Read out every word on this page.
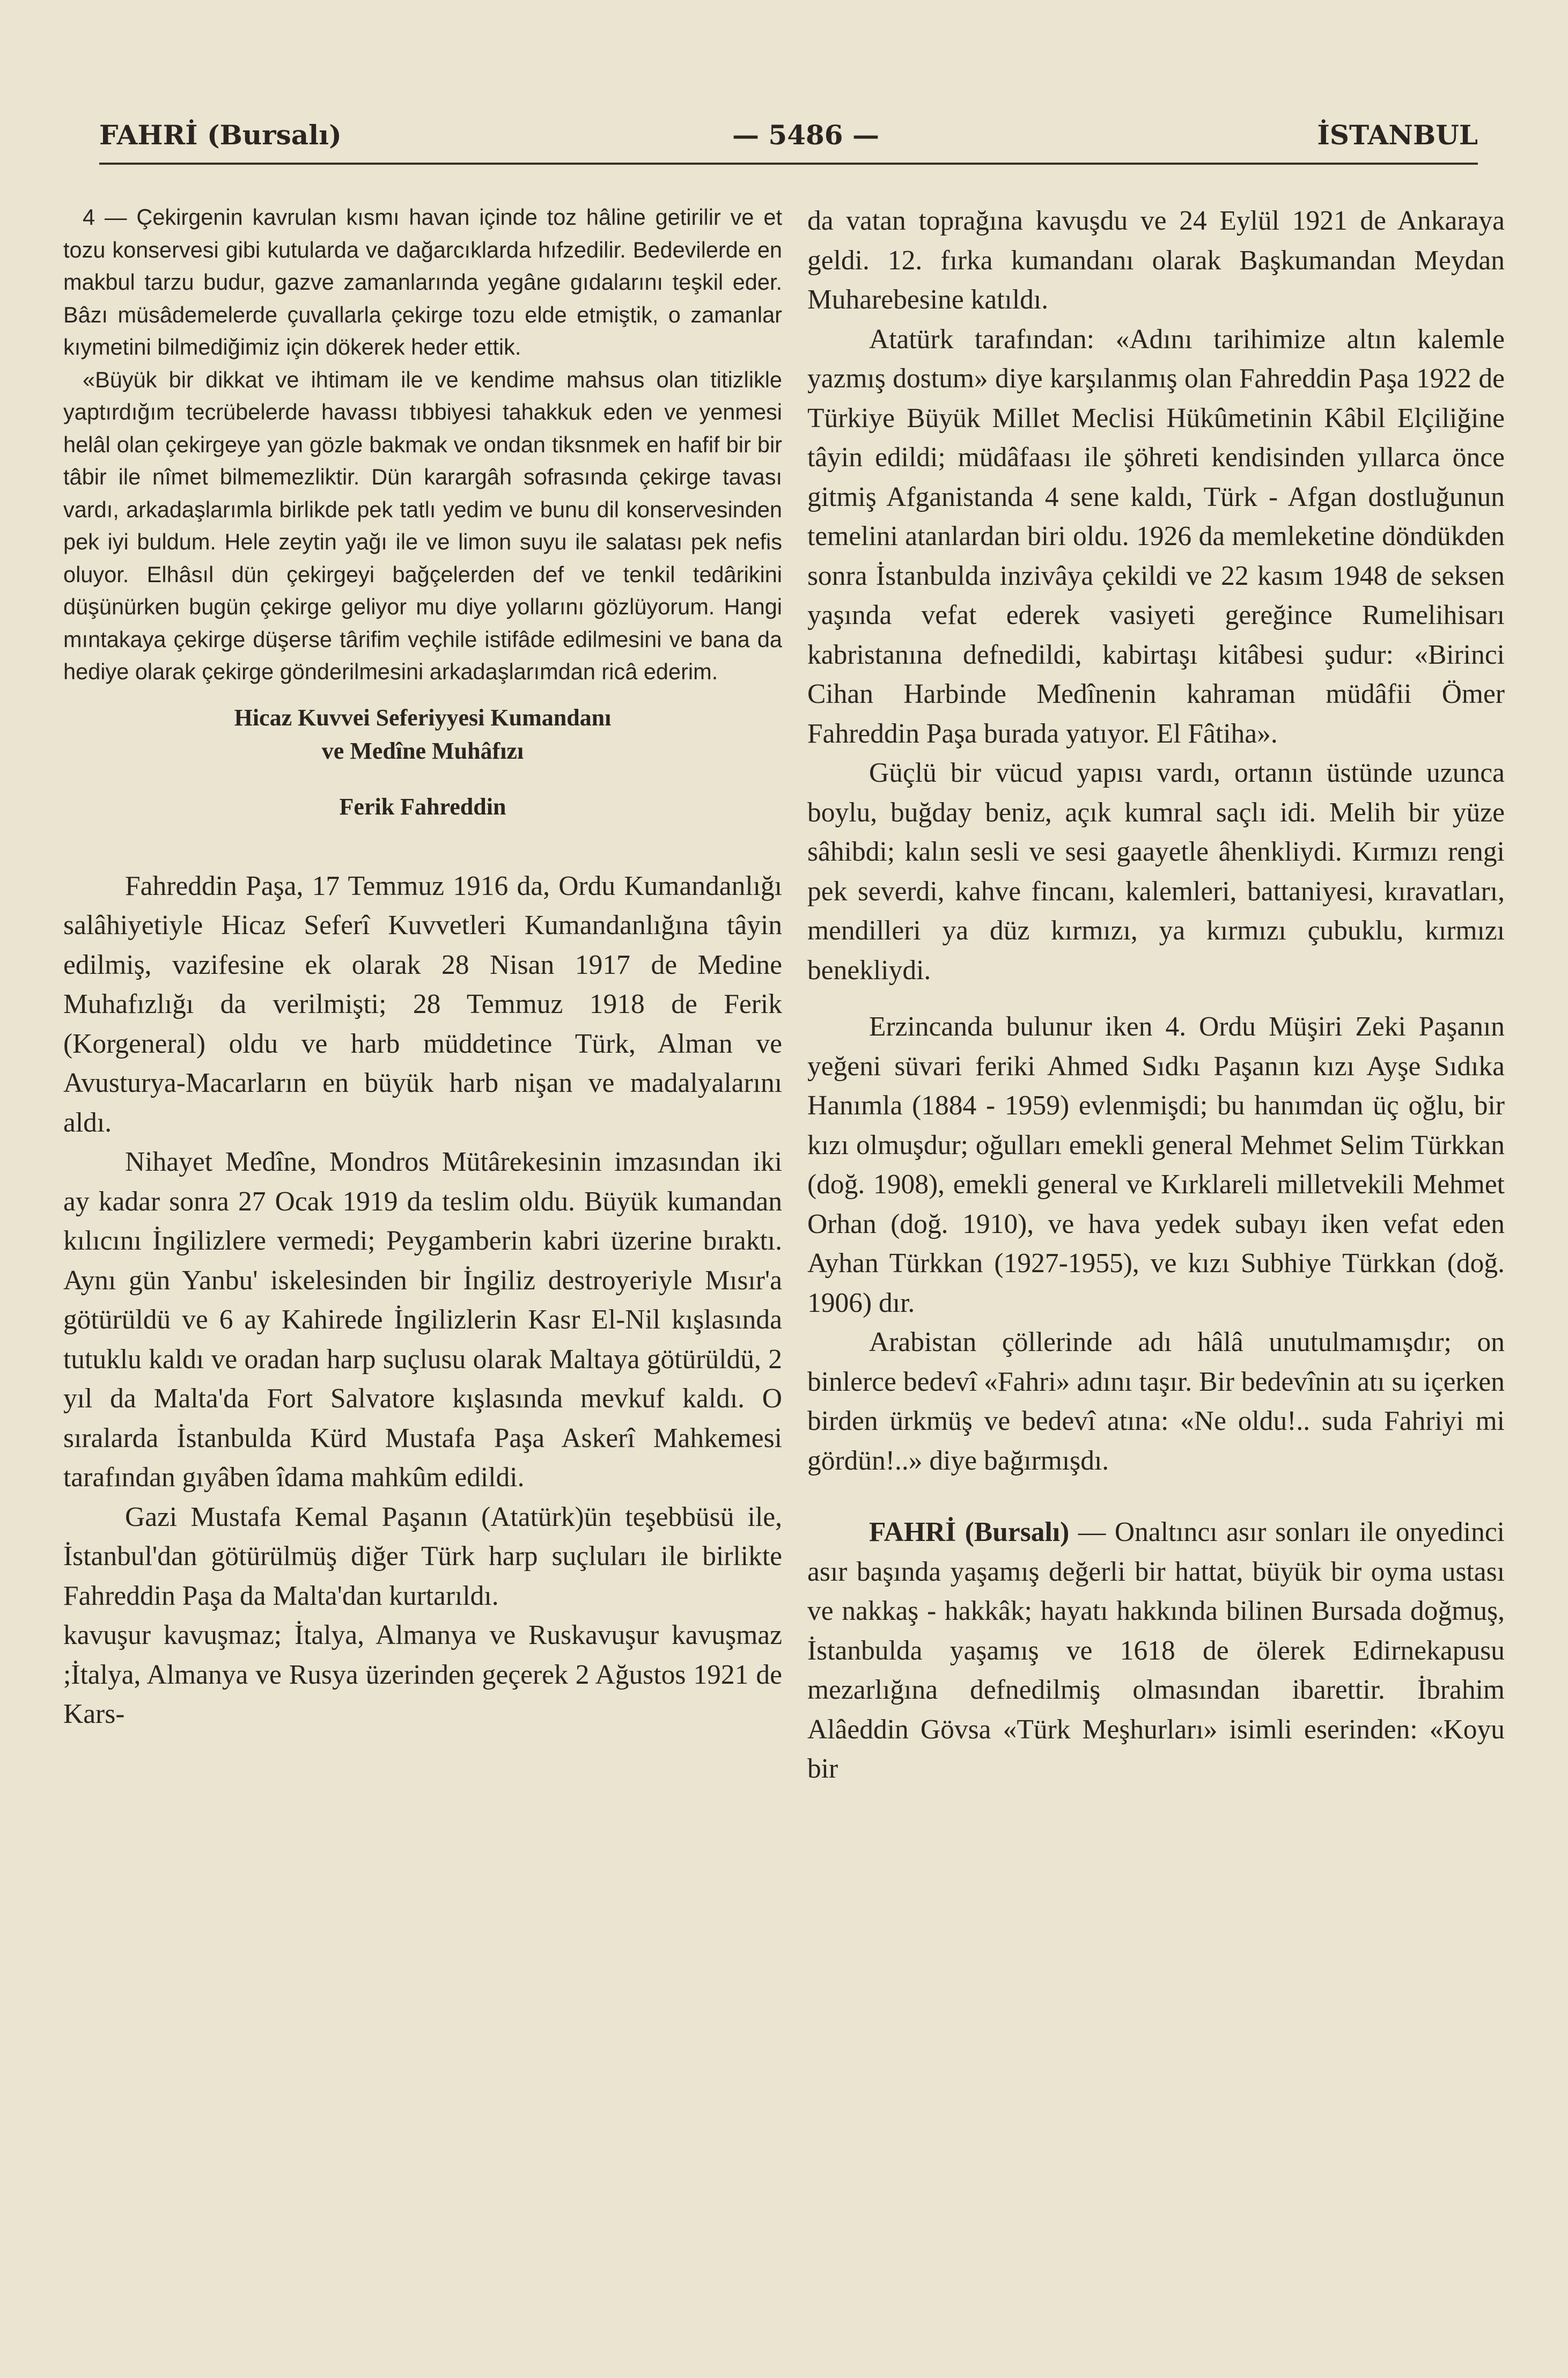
FAHRİ (Bursalı)	— 5486 —	İSTANBUL

4 — Çekirgenin kavrulan kısmı havan içinde toz hâline getirilir ve et tozu konservesi gibi kutularda ve dağarcıklarda hıfzedilir. Bedevilerde en makbul tarzu budur, gazve zamanlarında yegâne gıdalarını teşkil eder. Bâzı müsâdemelerde çuvallarla çekirge tozu elde etmiştik, o zamanlar kıymetini bilmediğimiz için dökerek heder ettik.

«Büyük bir dikkat ve ihtimam ile ve kendime mahsus olan titizlikle yaptırdığım tecrübelerde havassı tıbbiyesi tahakkuk eden ve yenmesi helâl olan çekirgeye yan gözle bakmak ve ondan tiksnmek en hafif bir bir tâbir ile nîmet bilmemezliktir. Dün karargâh sofrasında çekirge tavası vardı, arkadaşlarımla birlikde pek tatlı yedim ve bunu dil konservesinden pek iyi buldum. Hele zeytin yağı ile ve limon suyu ile salatası pek nefis oluyor. Elhâsıl dün çekirgeyi bağçelerden def ve tenkil tedârikini düşünürken bugün çekirge geliyor mu diye yollarını gözlüyorum. Hangi mıntakaya çekirge düşerse târifim veçhile istifâde edilmesini ve bana da hediye olarak çekirge gönderilmesini arkadaşlarımdan ricâ ederim.

Hicaz Kuvvei Seferiyyesi Kumandanı

ve Medîne Muhâfızı

Ferik Fahreddin

Fahreddin Paşa, 17 Temmuz 1916 da, Ordu Kumandanlığı salâhiyetiyle Hicaz Seferî Kuvvetleri Kumandanlığına tâyin edilmiş, vazifesine ek olarak 28 Nisan 1917 de Medine Muhafızlığı da verilmişti; 28 Temmuz 1918 de Ferik (Korgeneral) oldu ve harb müddetince Türk, Alman ve Avusturya-Macarların en büyük harb nişan ve madalyalarını aldı.

Nihayet Medîne, Mondros Mütârekesinin imzasından iki ay kadar sonra 27 Ocak 1919 da teslim oldu. Büyük kumandan kılıcını İngilizlere vermedi; Peygamberin kabri üzerine bıraktı. Aynı gün Yanbu' iskelesinden bir İngiliz destroyeriyle Mısır'a götürüldü ve 6 ay Kahirede İngilizlerin Kasr El-Nil kışlasında tutuklu kaldı ve oradan harp suçlusu olarak Maltaya götürüldü, 2 yıl da Malta'da Fort Salvatore kışlasında mevkuf kaldı. O sıralarda İstanbulda Kürd Mustafa Paşa Askerî Mahkemesi tarafından gıyâben îdama mahkûm edildi.

Gazi Mustafa Kemal Paşanın (Atatürk)ün teşebbüsü ile, İstanbul'dan götürülmüş diğer Türk harp suçluları ile birlikte Fahreddin Paşa da Malta'dan kurtarıldı.

kavuşur kavuşmaz; İtalya, Almanya ve Ruskavuşur kavuşmaz ;İtalya, Almanya ve Rusya üzerinden geçerek 2 Ağustos 1921 de Kars-

da vatan toprağına kavuşdu ve 24 Eylül 1921 de Ankaraya geldi. 12. fırka kumandanı olarak Başkumandan Meydan Muharebesine katıldı.

Atatürk tarafından: «Adını tarihimize altın kalemle yazmış dostum» diye karşılanmış olan Fahreddin Paşa 1922 de Türkiye Büyük Millet Meclisi Hükûmetinin Kâbil Elçiliğine tâyin edildi; müdâfaası ile şöhreti kendisinden yıllarca önce gitmiş Afganistanda 4 sene kaldı, Türk - Afgan dostluğunun temelini atanlardan biri oldu. 1926 da memleketine döndükden sonra İstanbulda inzivâya çekildi ve 22 kasım 1948 de seksen yaşında vefat ederek vasiyeti gereğince Rumelihisarı kabristanına defnedildi, kabirtaşı kitâbesi şudur: «Birinci Cihan Harbinde Medînenin kahraman müdâfii Ömer Fahreddin Paşa burada yatıyor. El Fâtiha».

Güçlü bir vücud yapısı vardı, ortanın üstünde uzunca boylu, buğday beniz, açık kumral saçlı idi. Melih bir yüze sâhibdi; kalın sesli ve sesi gaayetle âhenkliydi. Kırmızı rengi pek severdi, kahve fincanı, kalemleri, battaniyesi, kıravatları, mendilleri ya düz kırmızı, ya kırmızı çubuklu, kırmızı benekliydi.

Erzincanda bulunur iken 4. Ordu Müşiri Zeki Paşanın yeğeni süvari feriki Ahmed Sıdkı Paşanın kızı Ayşe Sıdıka Hanımla (1884 - 1959) evlenmişdi; bu hanımdan üç oğlu, bir kızı olmuşdur; oğulları emekli general Mehmet Selim Türkkan (doğ. 1908), emekli general ve Kırklareli milletvekili Mehmet Orhan (doğ. 1910), ve hava yedek subayı iken vefat eden Ayhan Türkkan (1927-1955), ve kızı Subhiye Türkkan (doğ. 1906) dır.

Arabistan çöllerinde adı hâlâ unutulmamışdır; on binlerce bedevî «Fahri» adını taşır. Bir bedevînin atı su içerken birden ürkmüş ve bedevî atına: «Ne oldu!.. suda Fahriyi mi gördün!..» diye bağırmışdı.

FAHRİ (Bursalı) — Onaltıncı asır sonları ile onyedinci asır başında yaşamış değerli bir hattat, büyük bir oyma ustası ve nakkaş - hakkâk; hayatı hakkında bilinen Bursada doğmuş, İstanbulda yaşamış ve 1618 de ölerek Edirnekapusu mezarlığına defnedilmiş olmasından ibarettir. İbrahim Alâeddin Gövsa «Türk Meşhurları» isimli eserinden: «Koyu bir
